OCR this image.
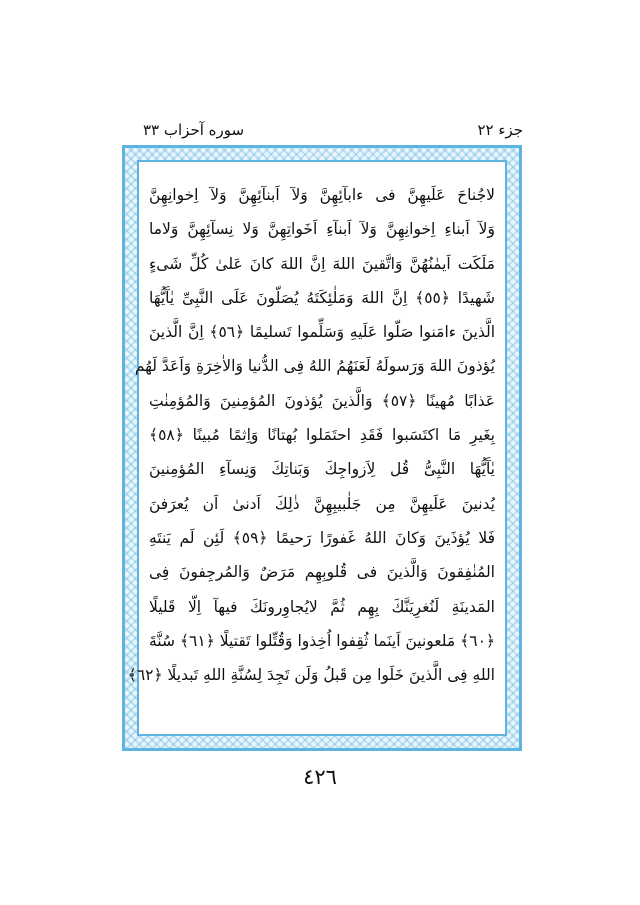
جزء ٢٢
سوره‌ آحزاب ٣٣
لاجُناحَ عَلَيهِنَّ فى ءابآئِهِنَّ وَلآ اَبنآئِهِنَّ وَلآ اِخوانِهِنَّ
وَلآ اَبناءِ اِخوانِهِنَّ وَلآ اَبنآءِ اَخَواتِهِنَّ وَلا نِسآئِهِنَّ وَلاما
مَلَكَت اَيمٰنُهُنَّ وَاتَّقينَ اللهَ اِنَّ اللهَ كانَ عَلىٰ كُلِّ شَىءٍ
شَهيدًا ﴿٥٥﴾ اِنَّ اللهَ وَمَلٰئِكَتَهُ يُصَلّونَ عَلَى النَّبِىِّ يٰآَيُّهَا
الَّذينَ ءامَنوا صَلّوا عَلَيهِ وَسَلِّموا تَسليمًا ﴿٥٦﴾ اِنَّ الَّذينَ
يُؤذونَ اللهَ وَرَسولَهُ لَعَنَهُمُ اللهُ فِى الدُّنيا وَالاٰخِرَةِ وَاَعَدَّ لَهُم
عَذابًا مُهينًا ﴿٥٧﴾ وَالَّذينَ يُؤذونَ المُؤمِنينَ وَالمُؤمِنٰتِ
بِغَيرِ مَا اكتَسَبوا فَقَدِ احتَمَلوا بُهتانًا وَاِثمًا مُبينًا ﴿٥٨﴾
يٰآَيُّهَا النَّبِىُّ قُل لِاَزواجِكَ وَبَناتِكَ وَنِسآءِ المُؤمِنينَ
يُدنينَ عَلَيهِنَّ مِن جَلٰبيبِهِنَّ ذٰلِكَ اَدنىٰ اَن يُعرَفنَ
فَلا يُؤذَينَ وَكانَ اللهُ غَفورًا رَحيمًا ﴿٥٩﴾ لَئِن لَم يَنتَهِ
المُنٰفِقونَ وَالَّذينَ فى قُلوبِهِم مَرَضٌ وَالمُرجِفونَ فِى
المَدينَةِ لَنُغرِيَنَّكَ بِهِم ثُمَّ لايُجاوِرونَكَ فيهآ اِلّا قَليلًا
﴿٦٠﴾ مَلعونينَ اَينَما ثُقِفوا اُخِذوا وَقُتِّلوا تَقتيلًا ﴿٦١﴾ سُنَّةَ
اللهِ فِى الَّذينَ خَلَوا مِن قَبلُ وَلَن تَجِدَ لِسُنَّةِ اللهِ تَبديلًا ﴿٦٢﴾
٤٢٦
